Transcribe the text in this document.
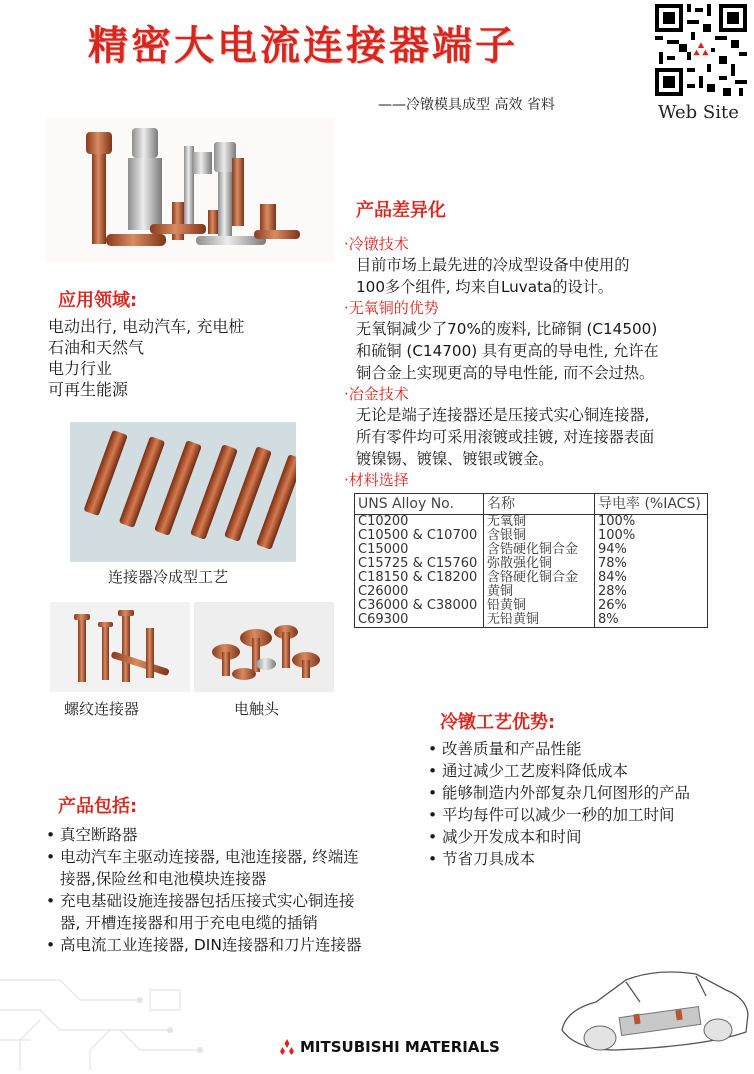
精密大电流连接器端子
——冷镦模具成型 高效 省料	Web Site
应用领域:
电动出行, 电动汽车, 充电桩
石油和天然气
电力行业
可再生能源
连接器冷成型工艺
螺纹连接器	电触头
产品差异化
·冷镦技术
目前市场上最先进的冷成型设备中使用的
100多个组件, 均来自Luvata的设计。
·无氧铜的优势
无氧铜减少了70%的废料, 比碲铜 (C14500)
和硫铜 (C14700) 具有更高的导电性, 允许在
铜合金上实现更高的导电性能, 而不会过热。
·冶金技术
无论是端子连接器还是压接式实心铜连接器,
所有零件均可采用滚镀或挂镀, 对连接器表面
镀镍锡、镀镍、镀银或镀金。
·材料选择
UNS Alloy No.	名称	导电率 (%IACS)
C10200	无氧铜	100%
C10500 & C10700	含银铜	100%
C15000	含锆硬化铜合金	94%
C15725 & C15760	弥散强化铜	78%
C18150 & C18200	含铬硬化铜合金	84%
C26000	黄铜	28%
C36000 & C38000	铅黄铜	26%
C69300	无铅黄铜	8%
冷镦工艺优势:
• 改善质量和产品性能
• 通过减少工艺废料降低成本
• 能够制造内外部复杂几何图形的产品
• 平均每件可以减少一秒的加工时间
• 减少开发成本和时间
• 节省刀具成本
产品包括:
• 真空断路器
• 电动汽车主驱动连接器, 电池连接器, 终端连
接器,保险丝和电池模块连接器
• 充电基础设施连接器包括压接式实心铜连接
器, 开槽连接器和用于充电电缆的插销
• 高电流工业连接器, DIN连接器和刀片连接器
MITSUBISHI MATERIALS
